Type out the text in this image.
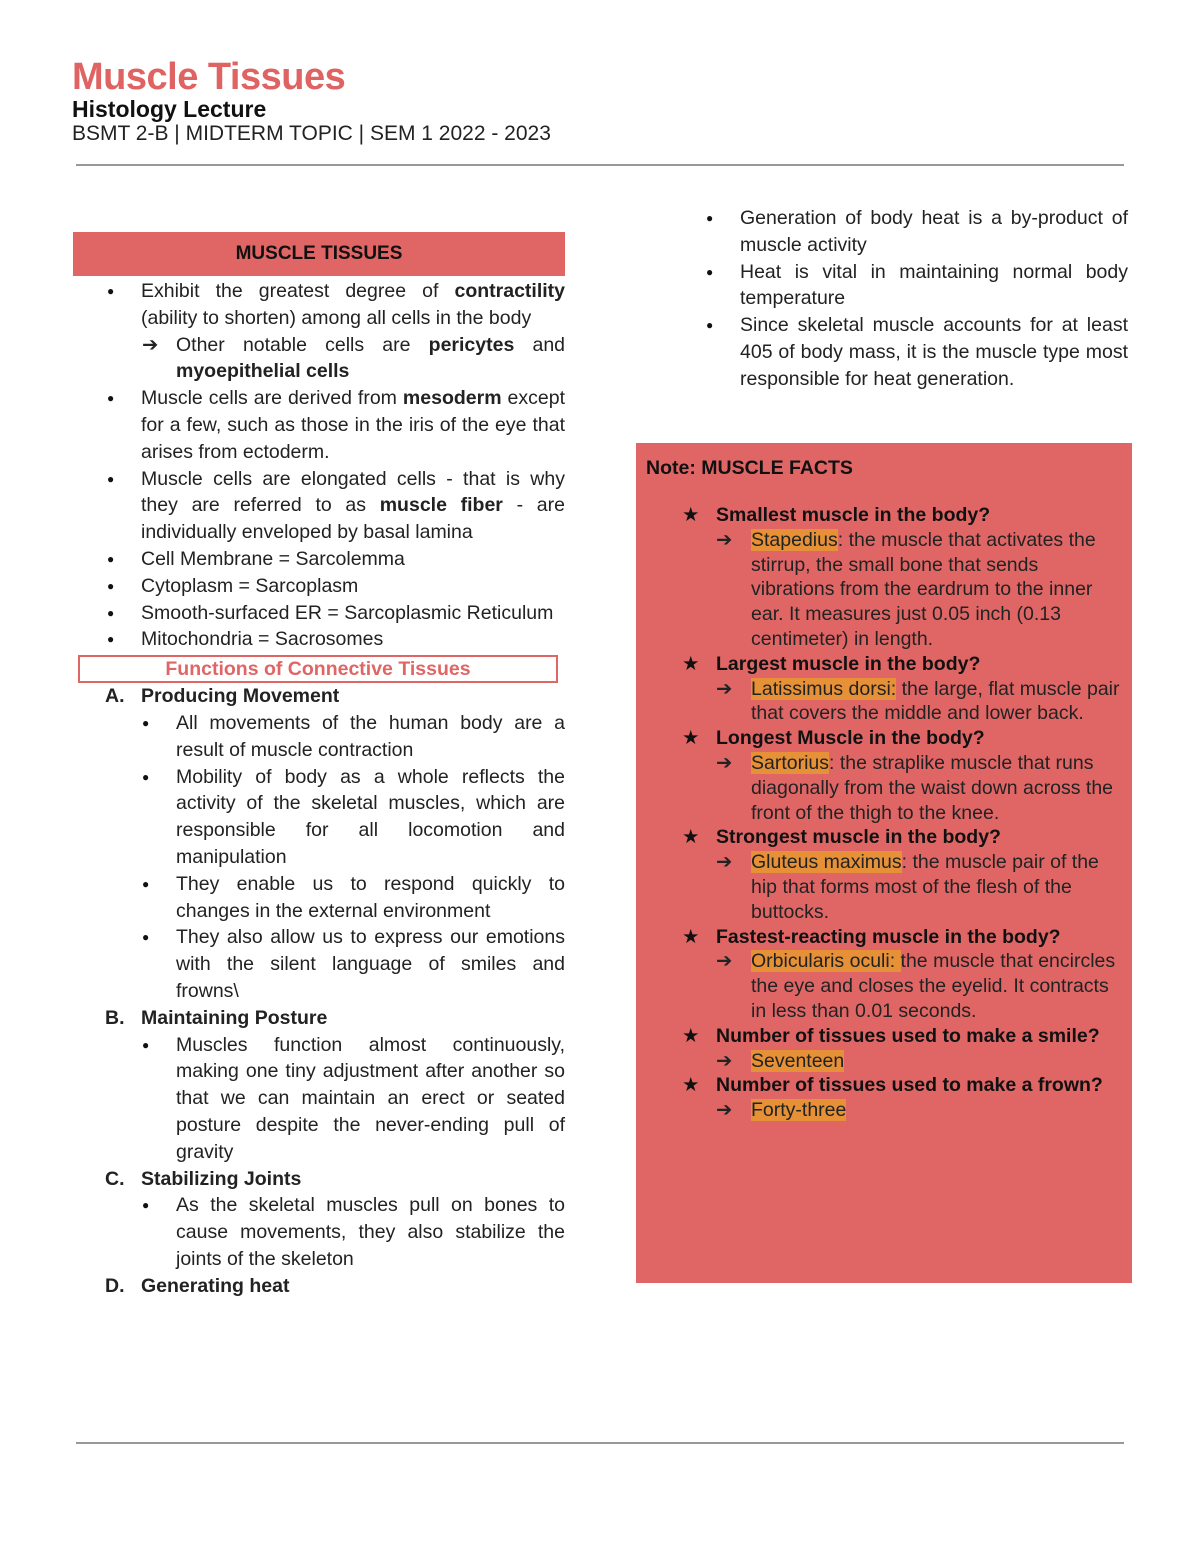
Muscle Tissues
Histology Lecture
BSMT 2-B | MIDTERM TOPIC | SEM 1 2022 - 2023
MUSCLE TISSUES
● Exhibit the greatest degree of contractility (ability to shorten) among all cells in the body
➔ Other notable cells are pericytes and myoepithelial cells
● Muscle cells are derived from mesoderm except for a few, such as those in the iris of the eye that arises from ectoderm.
● Muscle cells are elongated cells - that is why they are referred to as muscle fiber - are individually enveloped by basal lamina
● Cell Membrane = Sarcolemma
● Cytoplasm = Sarcoplasm
● Smooth-surfaced ER = Sarcoplasmic Reticulum
● Mitochondria = Sacrosomes
Functions of Connective Tissues
A. Producing Movement
● All movements of the human body are a result of muscle contraction
● Mobility of body as a whole reflects the activity of the skeletal muscles, which are responsible for all locomotion and manipulation
● They enable us to respond quickly to changes in the external environment
● They also allow us to express our emotions with the silent language of smiles and frowns\
B. Maintaining Posture
● Muscles function almost continuously, making one tiny adjustment after another so that we can maintain an erect or seated posture despite the never-ending pull of gravity
C. Stabilizing Joints
● As the skeletal muscles pull on bones to cause movements, they also stabilize the joints of the skeleton
D. Generating heat
● Generation of body heat is a by-product of muscle activity
● Heat is vital in maintaining normal body temperature
● Since skeletal muscle accounts for at least 405 of body mass, it is the muscle type most responsible for heat generation.
Note: MUSCLE FACTS
★ Smallest muscle in the body?
➔ Stapedius: the muscle that activates the stirrup, the small bone that sends vibrations from the eardrum to the inner ear. It measures just 0.05 inch (0.13 centimeter) in length.
★ Largest muscle in the body?
➔ Latissimus dorsi: the large, flat muscle pair that covers the middle and lower back.
★ Longest Muscle in the body?
➔ Sartorius: the straplike muscle that runs diagonally from the waist down across the front of the thigh to the knee.
★ Strongest muscle in the body?
➔ Gluteus maximus: the muscle pair of the hip that forms most of the flesh of the buttocks.
★ Fastest-reacting muscle in the body?
➔ Orbicularis oculi: the muscle that encircles the eye and closes the eyelid. It contracts in less than 0.01 seconds.
★ Number of tissues used to make a smile?
➔ Seventeen
★ Number of tissues used to make a frown?
➔ Forty-three
